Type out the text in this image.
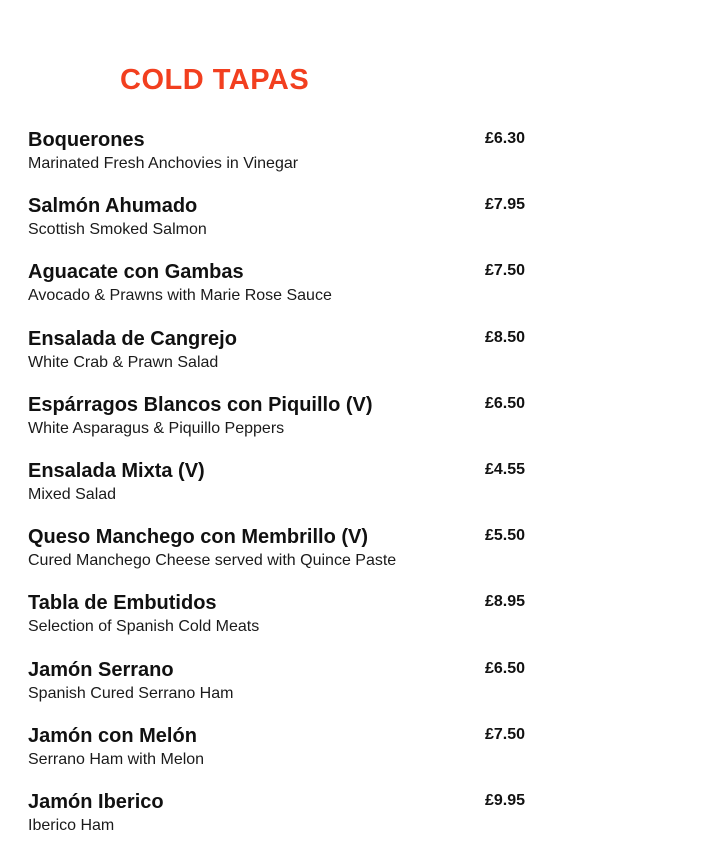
COLD TAPAS
Boquerones
Marinated Fresh Anchovies in Vinegar
£6.30
Salmón Ahumado
Scottish Smoked Salmon
£7.95
Aguacate con Gambas
Avocado & Prawns with Marie Rose Sauce
£7.50
Ensalada de Cangrejo
White Crab & Prawn Salad
£8.50
Espárragos Blancos con Piquillo (V)
White Asparagus & Piquillo Peppers
£6.50
Ensalada Mixta (V)
Mixed Salad
£4.55
Queso Manchego con Membrillo (V)
Cured Manchego Cheese served with Quince Paste
£5.50
Tabla de Embutidos
Selection of Spanish Cold Meats
£8.95
Jamón Serrano
Spanish Cured Serrano Ham
£6.50
Jamón con Melón
Serrano Ham with Melon
£7.50
Jamón Iberico
Iberico Ham
£9.95
